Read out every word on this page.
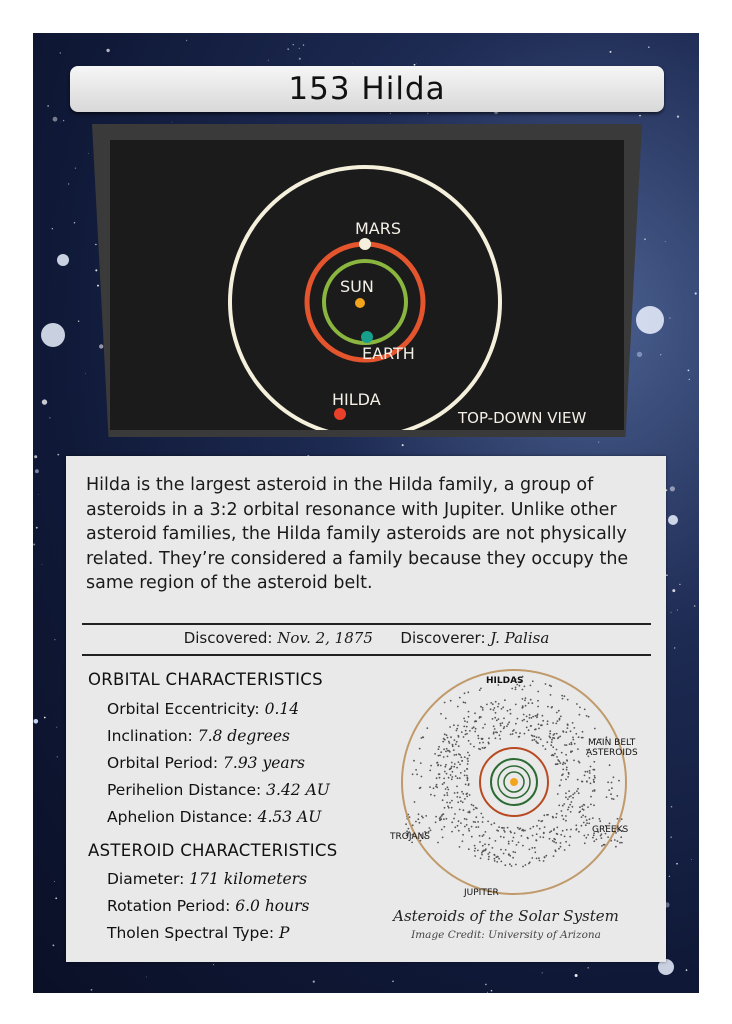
153 Hilda
MARS
SUN
EARTH
HILDA
TOP-DOWN VIEW

Hilda is the largest asteroid in the Hilda family, a group of asteroids in a 3:2 orbital resonance with Jupiter. Unlike other asteroid families, the Hilda family asteroids are not physically related. They’re considered a family because they occupy the same region of the asteroid belt.

Discovered: Nov. 2, 1875 Discoverer: J. Palisa
ORBITAL CHARACTERISTICS
Orbital Eccentricity: 0.14
Inclination: 7.8 degrees
Orbital Period: 7.93 years
Perihelion Distance: 3.42 AU
Aphelion Distance: 4.53 AU
ASTEROID CHARACTERISTICS
Diameter: 171 kilometers
Rotation Period: 6.0 hours
Tholen Spectral Type: P
HILDAS
MAIN BELT
ASTEROIDS
TROJANS
GREEKS
JUPITER
Asteroids of the Solar System
Image Credit: University of Arizona
